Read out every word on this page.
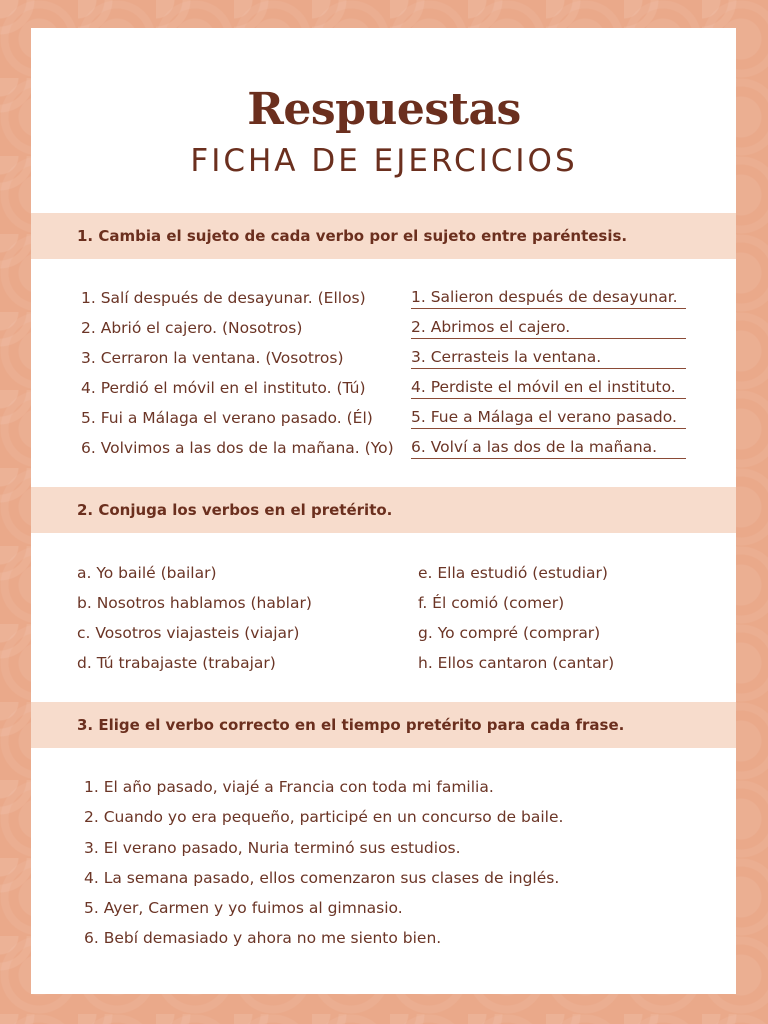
Respuestas
FICHA DE EJERCICIOS
1. Cambia el sujeto de cada verbo por el sujeto entre paréntesis.
1. Salí después de desayunar. (Ellos)
2. Abrió el cajero. (Nosotros)
3. Cerraron la ventana. (Vosotros)
4. Perdió el móvil en el instituto. (Tú)
5. Fui a Málaga el verano pasado. (Él)
6. Volvimos a las dos de la mañana. (Yo)
1. Salieron después de desayunar.
2. Abrimos el cajero.
3. Cerrasteis la ventana.
4. Perdiste el móvil en el instituto.
5. Fue a Málaga el verano pasado.
6. Volví a las dos de la mañana.
2. Conjuga los verbos en el pretérito.
a. Yo bailé (bailar)
b. Nosotros hablamos (hablar)
c. Vosotros viajasteis (viajar)
d. Tú trabajaste (trabajar)
e. Ella estudió (estudiar)
f. Él comió (comer)
g. Yo compré (comprar)
h. Ellos cantaron (cantar)
3. Elige el verbo correcto en el tiempo pretérito para cada frase.
1. El año pasado, viajé a Francia con toda mi familia.
2. Cuando yo era pequeño, participé en un concurso de baile.
3. El verano pasado, Nuria terminó sus estudios.
4. La semana pasado, ellos comenzaron sus clases de inglés.
5. Ayer, Carmen y yo fuimos al gimnasio.
6. Bebí demasiado y ahora no me siento bien.
